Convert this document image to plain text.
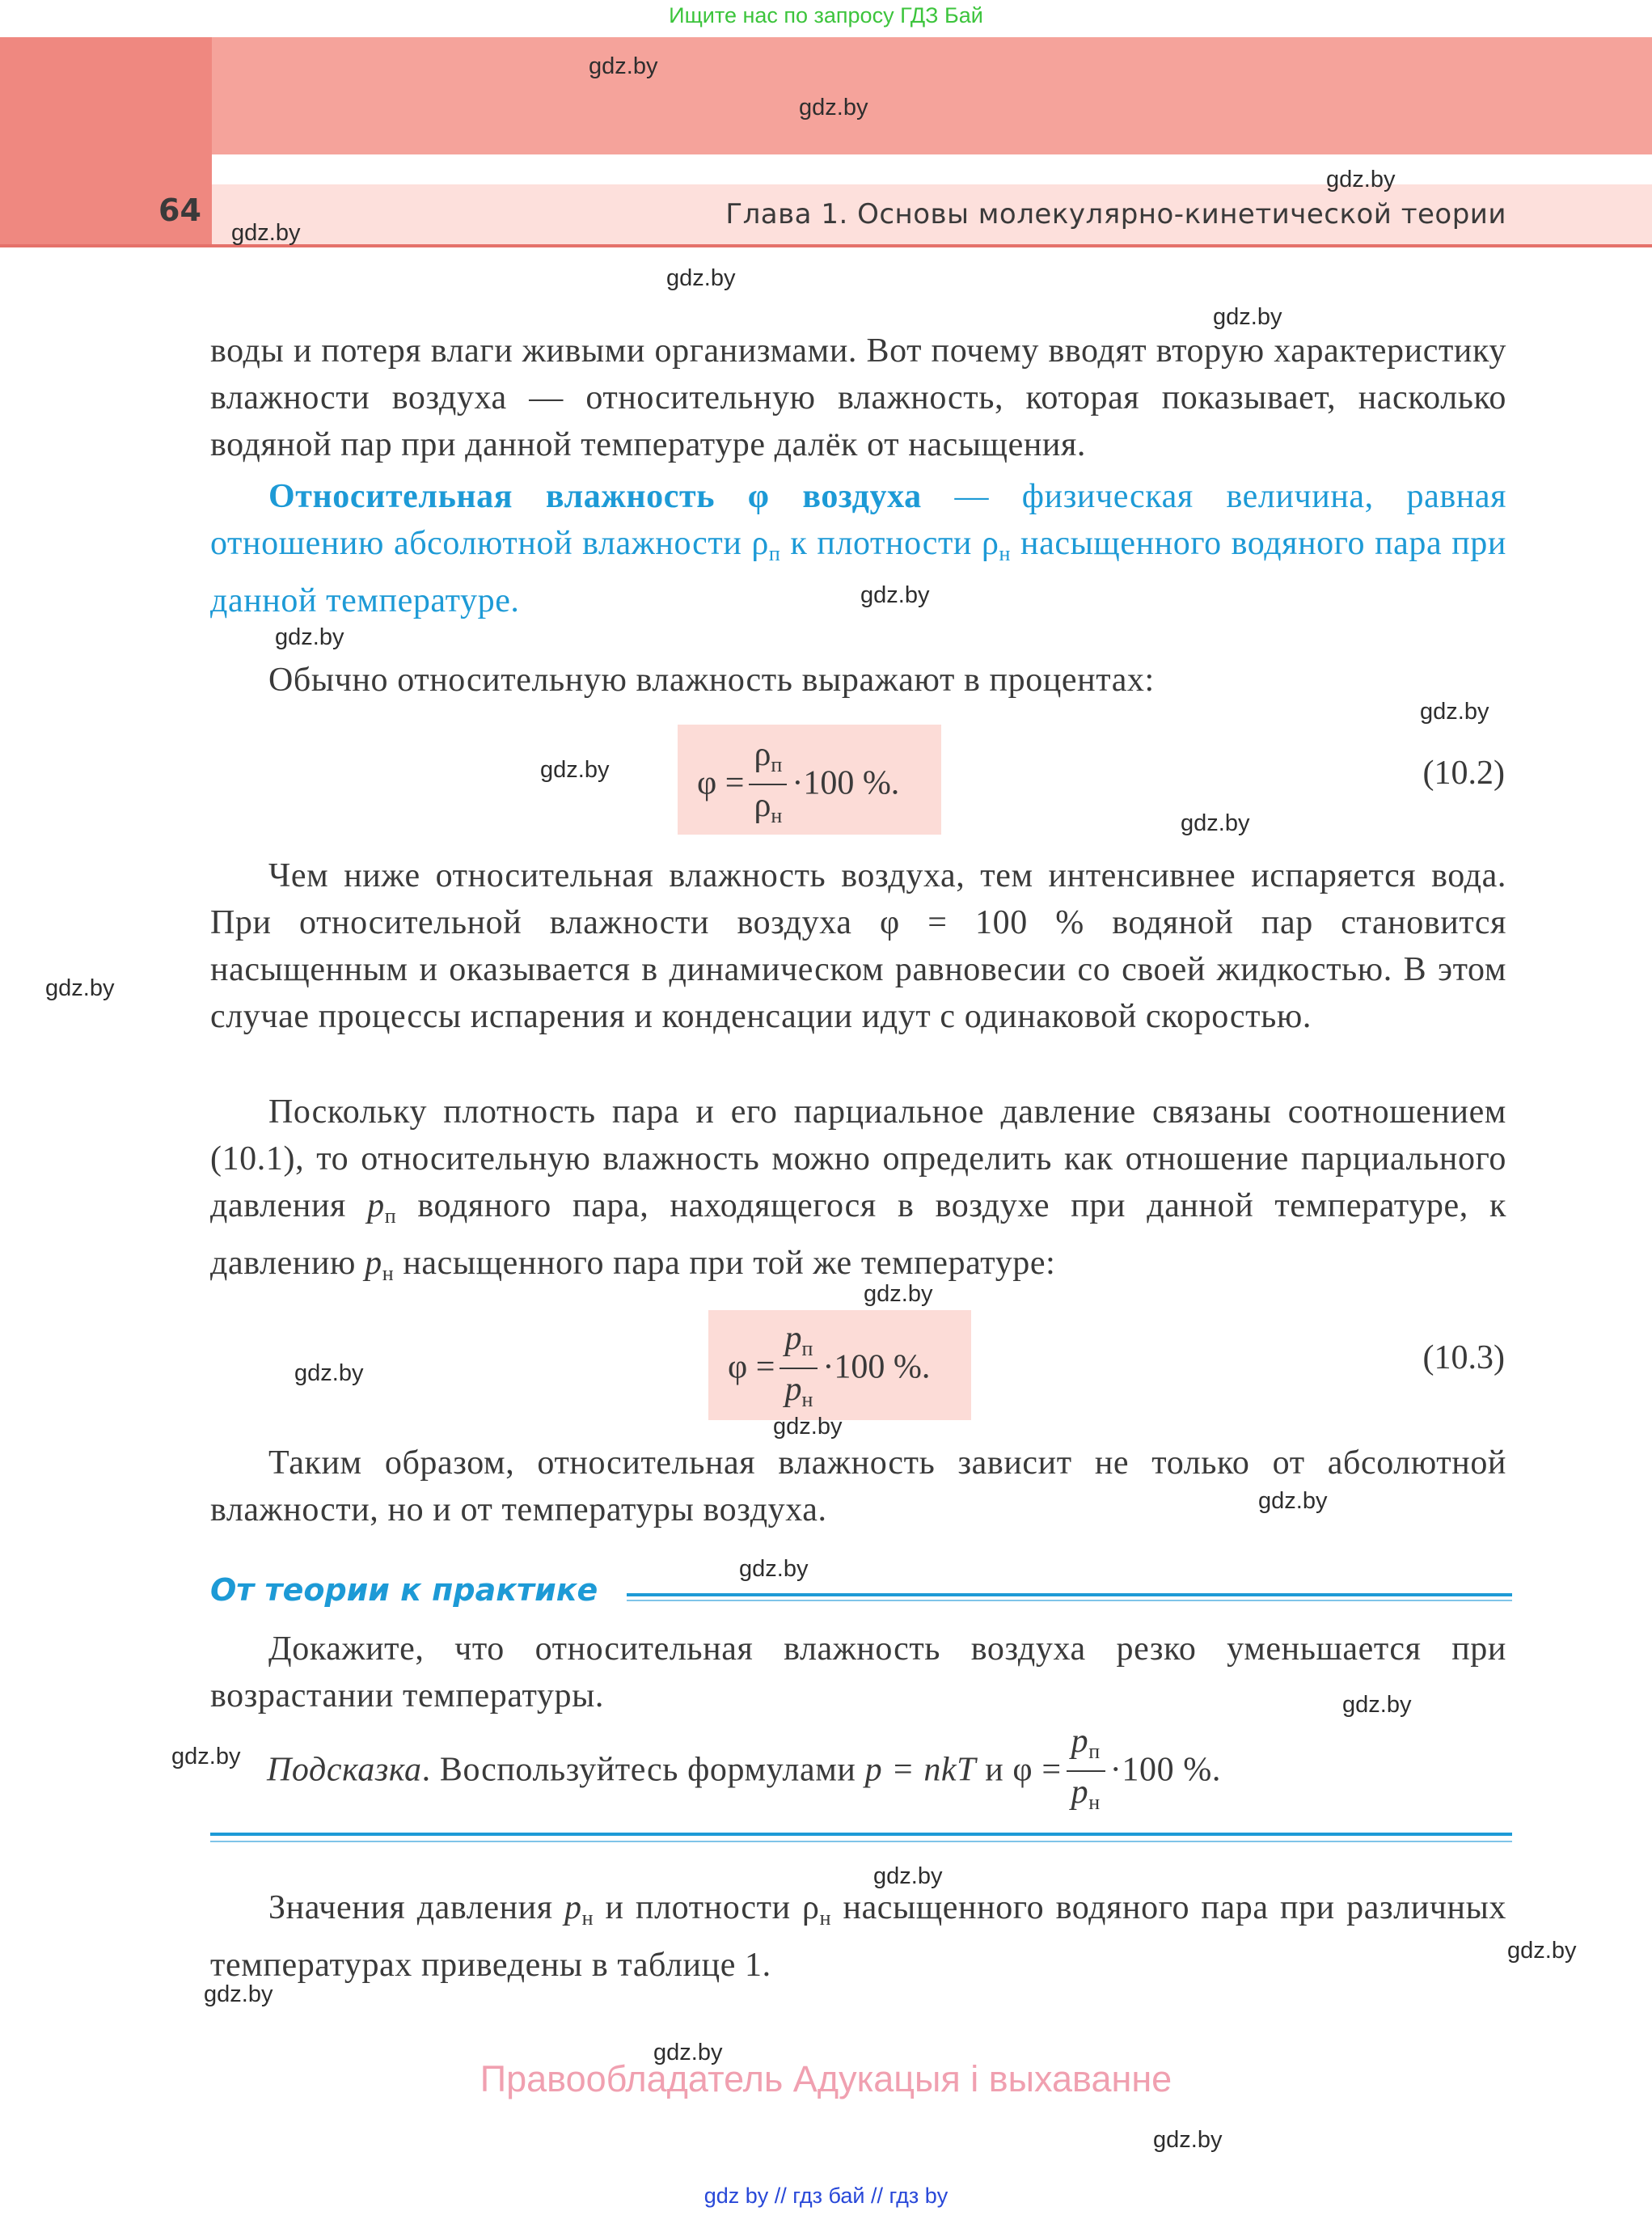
Ищите нас по запросу ГДЗ Бай
64	Глава 1. Основы молекулярно-кинетической теории
воды и потеря влаги живыми организмами. Вот почему вводят вторую характеристику влажности воздуха — относительную влажность, которая показывает, насколько водяной пар при данной температуре далёк от насыщения.
Относительная влажность φ воздуха — физическая величина, равная отношению абсолютной влажности $\rho_п$ к плотности $\rho_н$ насыщенного водяного пара при данной температуре.
Обычно относительную влажность выражают в процентах:
$\varphi = \frac{\rho_п}{\rho_н} \cdot 100$ %.	(10.2)
Чем ниже относительная влажность воздуха, тем интенсивнее испаряется вода. При относительной влажности воздуха φ = 100 % водяной пар становится насыщенным и оказывается в динамическом равновесии со своей жидкостью. В этом случае процессы испарения и конденсации идут с одинаковой скоростью.
Поскольку плотность пара и его парциальное давление связаны соотношением (10.1), то относительную влажность можно определить как отношение парциального давления $p_п$ водяного пара, находящегося в воздухе при данной температуре, к давлению $p_н$ насыщенного пара при той же температуре:
$\varphi = \frac{p_п}{p_н} \cdot 100$ %.	(10.3)
Таким образом, относительная влажность зависит не только от абсолютной влажности, но и от температуры воздуха.
От теории к практике
Докажите, что относительная влажность воздуха резко уменьшается при возрастании температуры.
Подсказка. Воспользуйтесь формулами p = nkT и $\varphi = \frac{p_п}{p_н} \cdot 100$ %.
Значения давления $p_н$ и плотности $\rho_н$ насыщенного водяного пара при различных температурах приведены в таблице 1.
Правообладатель Адукацыя і выхаванне
gdz by // гдз бай // гдз by
gdz.by
gdz.by
gdz.by
gdz.by
gdz.by
gdz.by
gdz.by
gdz.by
gdz.by
gdz.by
gdz.by
gdz.by
gdz.by
gdz.by
gdz.by
gdz.by
gdz.by
gdz.by
gdz.by
gdz.by
gdz.by
gdz.by
gdz.by
gdz.by
